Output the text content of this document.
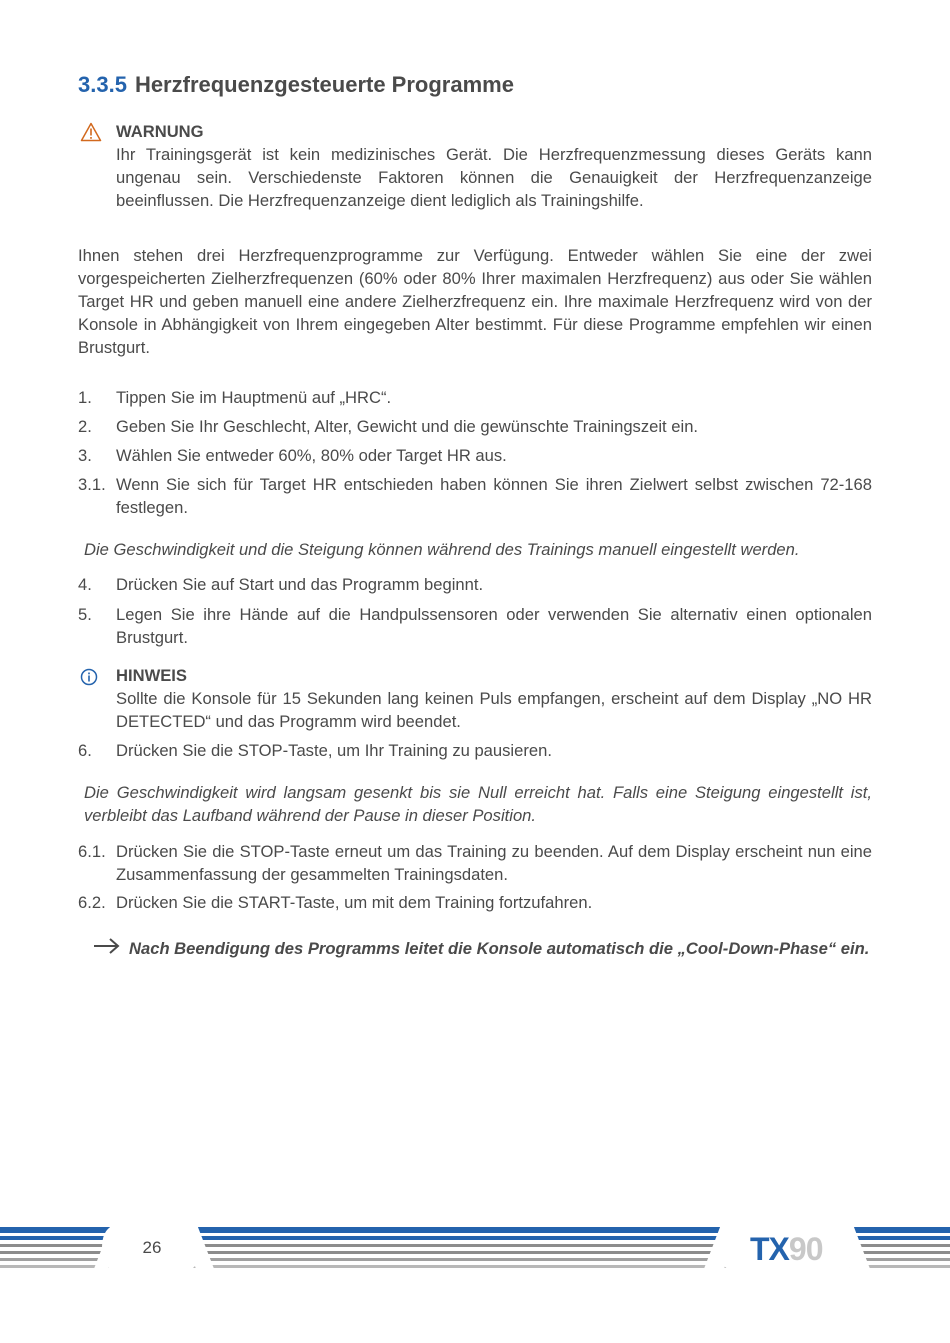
3.3.5 Herzfrequenzgesteuerte Programme
WARNUNG
Ihr Trainingsgerät ist kein medizinisches Gerät. Die Herzfrequenzmessung dieses Geräts kann ungenau sein. Verschiedenste Faktoren können die Genauigkeit der Herzfrequenzanzeige beeinflussen. Die Herzfrequenzanzeige dient lediglich als Trainingshilfe.
Ihnen stehen drei Herzfrequenzprogramme zur Verfügung. Entweder wählen Sie eine der zwei vorgespeicherten Zielherzfrequenzen (60% oder 80% Ihrer maximalen Herzfrequenz) aus oder Sie wählen Target HR und geben manuell eine andere Zielherzfrequenz ein. Ihre maximale Herzfrequenz wird von der Konsole in Abhängigkeit von Ihrem eingegeben Alter bestimmt. Für diese Programme empfehlen wir einen Brustgurt.
1. Tippen Sie im Hauptmenü auf „HRC“.
2. Geben Sie Ihr Geschlecht, Alter, Gewicht und die gewünschte Trainingszeit ein.
3. Wählen Sie entweder 60%, 80% oder Target HR aus.
3.1. Wenn Sie sich für Target HR entschieden haben können Sie ihren Zielwert selbst zwischen 72-168 festlegen.
Die Geschwindigkeit und die Steigung können während des Trainings manuell eingestellt werden.
4. Drücken Sie auf Start und das Programm beginnt.
5. Legen Sie ihre Hände auf die Handpulssensoren oder verwenden Sie alternativ einen optionalen Brustgurt.
HINWEIS
Sollte die Konsole für 15 Sekunden lang keinen Puls empfangen, erscheint auf dem Display „NO HR DETECTED“ und das Programm wird beendet.
6. Drücken Sie die STOP-Taste, um Ihr Training zu pausieren.
Die Geschwindigkeit wird langsam gesenkt bis sie Null erreicht hat. Falls eine Steigung eingestellt ist, verbleibt das Laufband während der Pause in dieser Position.
6.1. Drücken Sie die STOP-Taste erneut um das Training zu beenden. Auf dem Display erscheint nun eine Zusammenfassung der gesammelten Trainingsdaten.
6.2. Drücken Sie die START-Taste, um mit dem Training fortzufahren.
Nach Beendigung des Programms leitet die Konsole automatisch die „Cool-Down-Phase“ ein.
26	TX90
